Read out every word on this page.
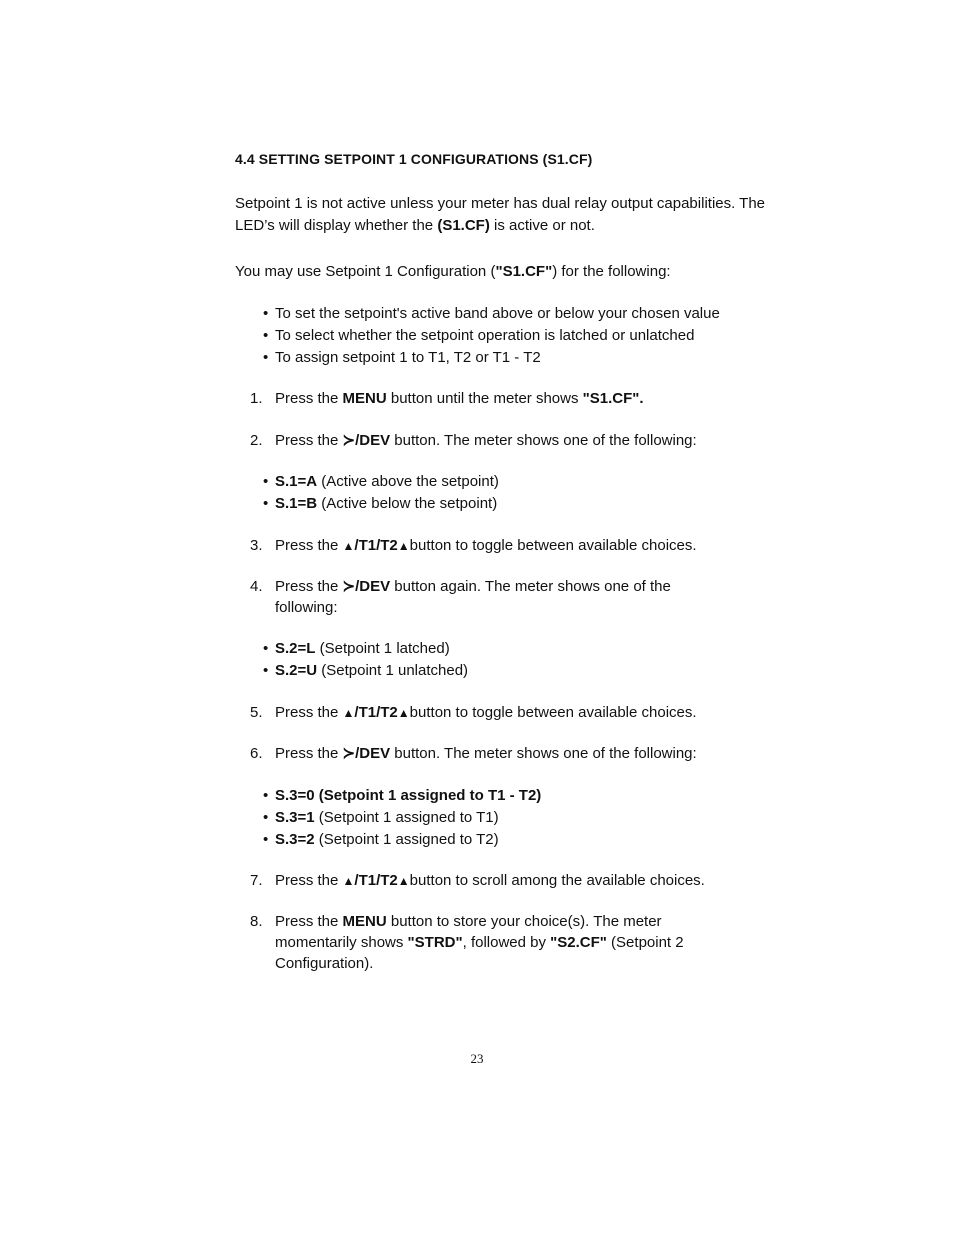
4.4 SETTING SETPOINT 1 CONFIGURATIONS (S1.CF)
Setpoint 1 is not active unless your meter has dual relay output capabilities. The LED’s will display whether the (S1.CF) is active or not.
You may use Setpoint 1 Configuration ("S1.CF") for the following:
• To set the setpoint's active band above or below your chosen value
• To select whether the setpoint operation is latched or unlatched
• To assign setpoint 1 to T1, T2 or T1 - T2
1. Press the MENU button until the meter shows "S1.CF".
2. Press the ≻/DEV button. The meter shows one of the following:
• S.1=A (Active above the setpoint)
• S.1=B (Active below the setpoint)
3. Press the ▲/T1/T2▲button to toggle between available choices.
4. Press the ≻/DEV button again. The meter shows one of the following:
• S.2=L (Setpoint 1 latched)
• S.2=U (Setpoint 1 unlatched)
5. Press the ▲/T1/T2▲button to toggle between available choices.
6. Press the ≻/DEV button. The meter shows one of the following:
• S.3=0 (Setpoint 1 assigned to T1 - T2)
• S.3=1 (Setpoint 1 assigned to T1)
• S.3=2 (Setpoint 1 assigned to T2)
7. Press the ▲/T1/T2▲button to scroll among the available choices.
8. Press the MENU button to store your choice(s). The meter momentarily shows "STRD", followed by "S2.CF" (Setpoint 2 Configuration).
23
